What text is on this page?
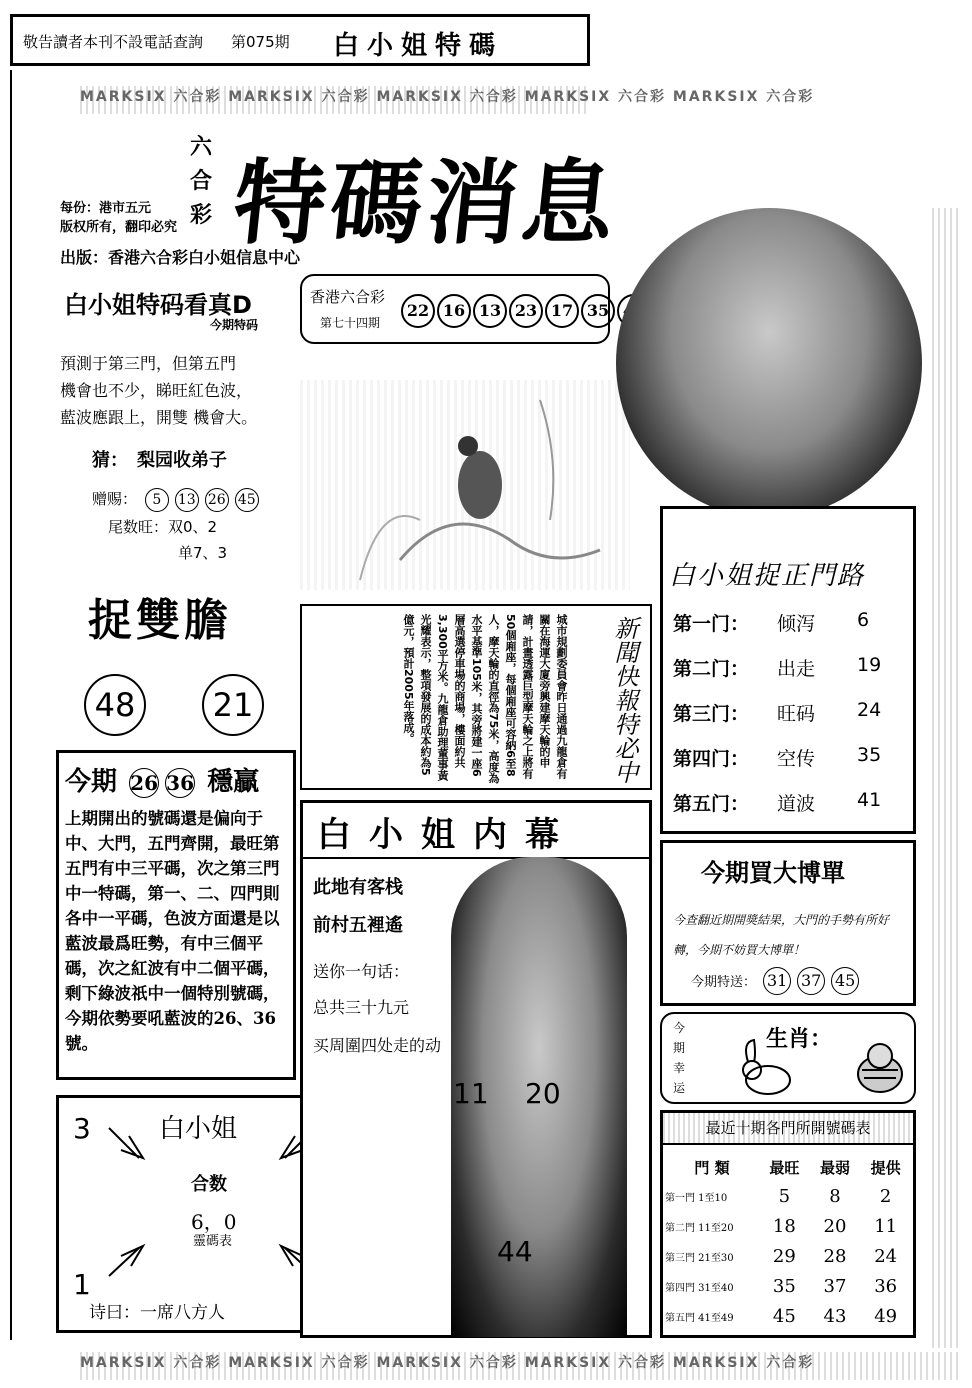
敬告讀者本刊不設電話查詢 第075期 白小姐特碼
MARKSIX 六合彩 MARKSIX 六合彩 MARKSIX 六合彩 MARKSIX 六合彩 MARKSIX 六合彩
六
合
彩 特碼消息
每份：港市五元
版权所有，翻印必究
出版：香港六合彩白小姐信息中心
香港六合彩
第七十四期
22 16 13 23 17 35
白小姐特码看真D
今期特码
預測于第三門，但第五門
機會也不少，睇旺紅色波，
藍波應跟上，開雙 機會大。
猜：　梨园收弟子
赠赐： 5 13 26 45
尾数旺：双0、2
单7、3
捉雙膽
48	21
今期 26 36 穩贏
上期開出的號碼還是偏向于中、大門，五門齊開，最旺第五門有中三平碼，次之第三門中一特碼，第一、二、四門則各中一平碼，色波方面還是以藍波最爲旺勢，有中三個平碼，次之紅波有中二個平碼，剩下綠波祇中一個特別號碼，今期依勢要吼藍波的26、36號。
白小姐
3
1
合数
6，0
靈碼表
诗曰：一席八方人
新聞快報特必中
城市規劃委員會昨日通過九龍倉有關在海運大廈旁興建摩天輪的申請，計畫透露巨型摩天輪之上將有50個廂座，每個廂座可容納6至8人，摩天輪的直徑為75米，高度為水平基準105米，其旁將建一座6層高選停車場的商場，樓面約共3,300平方米。九龍倉助理董事黃光耀表示，整項發展的成本約為5億元，預計2005年落成。
白小姐内幕
此地有客栈
前村五裡遙
送你一句话：
总共三十九元
买周圍四处走的动
11 20
44
白小姐捉正門路
第一门：	倾泻	6
第二门：	出走	19
第三门：	旺码	24
第四门：	空传	35
第五门：	道波	41
今期買大博單
今查翻近期開獎結果，大門的手勢有所好轉，今期不妨買大博單！
今期特送： 31 37 45
今
期
幸
运
生肖：
最近十期各門所開號碼表
門 類	最旺	最弱	提供
第一門 1至10	5	8	2
第二門 11至20	18	20	11
第三門 21至30	29	28	24
第四門 31至40	35	37	36
第五門 41至49	45	43	49
MARKSIX 六合彩 MARKSIX 六合彩 MARKSIX 六合彩 MARKSIX 六合彩 MARKSIX 六合彩
